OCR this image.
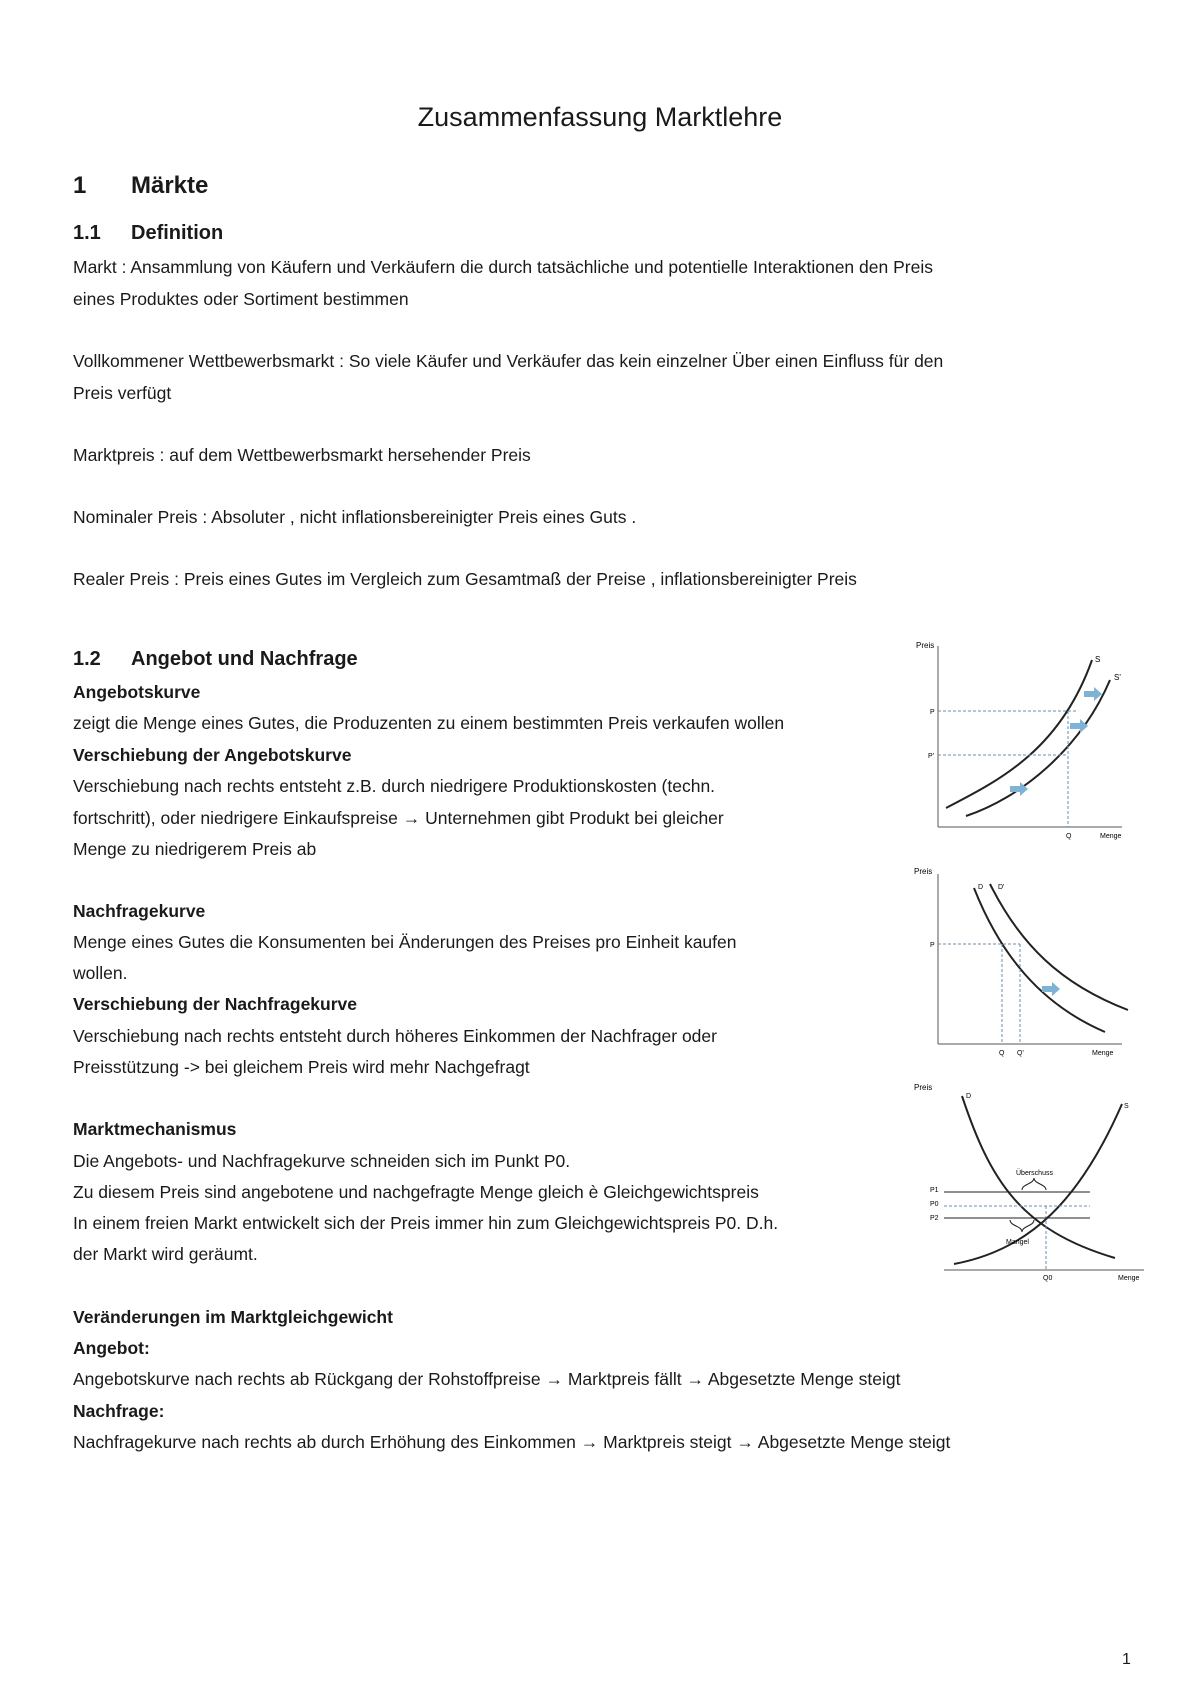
Zusammenfassung Marktlehre
1 Märkte
1.1 Definition
Markt : Ansammlung von Käufern und Verkäufern die durch tatsächliche und potentielle Interaktionen den Preis
eines Produktes oder Sortiment bestimmen
Vollkommener Wettbewerbsmarkt : So viele Käufer und Verkäufer das kein einzelner Über einen Einfluss für den
Preis verfügt
Marktpreis : auf dem Wettbewerbsmarkt hersehender Preis
Nominaler Preis : Absoluter , nicht inflationsbereinigter Preis eines Guts .
Realer Preis : Preis eines Gutes im Vergleich zum Gesamtmaß der Preise , inflationsbereinigter Preis
1.2 Angebot und Nachfrage
Angebotskurve
zeigt die Menge eines Gutes, die Produzenten zu einem bestimmten Preis verkaufen wollen
Verschiebung der Angebotskurve
Verschiebung nach rechts entsteht z.B. durch niedrigere Produktionskosten (techn.
fortschritt), oder niedrigere Einkaufspreise → Unternehmen gibt Produkt bei gleicher
Menge zu niedrigerem Preis ab
Nachfragekurve
Menge eines Gutes die Konsumenten bei Änderungen des Preises pro Einheit kaufen
wollen.
Verschiebung der Nachfragekurve
Verschiebung nach rechts entsteht durch höheres Einkommen der Nachfrager oder
Preisstützung -> bei gleichem Preis wird mehr Nachgefragt
Marktmechanismus
Die Angebots- und Nachfragekurve schneiden sich im Punkt P0.
Zu diesem Preis sind angebotene und nachgefragte Menge gleich è Gleichgewichtspreis
In einem freien Markt entwickelt sich der Preis immer hin zum Gleichgewichtspreis P0. D.h.
der Markt wird geräumt.
Veränderungen im Marktgleichgewicht
Angebot:
Angebotskurve nach rechts ab Rückgang der Rohstoffpreise → Marktpreis fällt → Abgesetzte Menge steigt
Nachfrage:
Nachfragekurve nach rechts ab durch Erhöhung des Einkommen → Marktpreis steigt → Abgesetzte Menge steigt
Preis
S
S'
P
P'
Q	Menge
Preis
D D'
P
Q Q'	Menge
Preis
D
S
P1
P0
P2
Überschuss
Mangel
Q0	Menge
1
